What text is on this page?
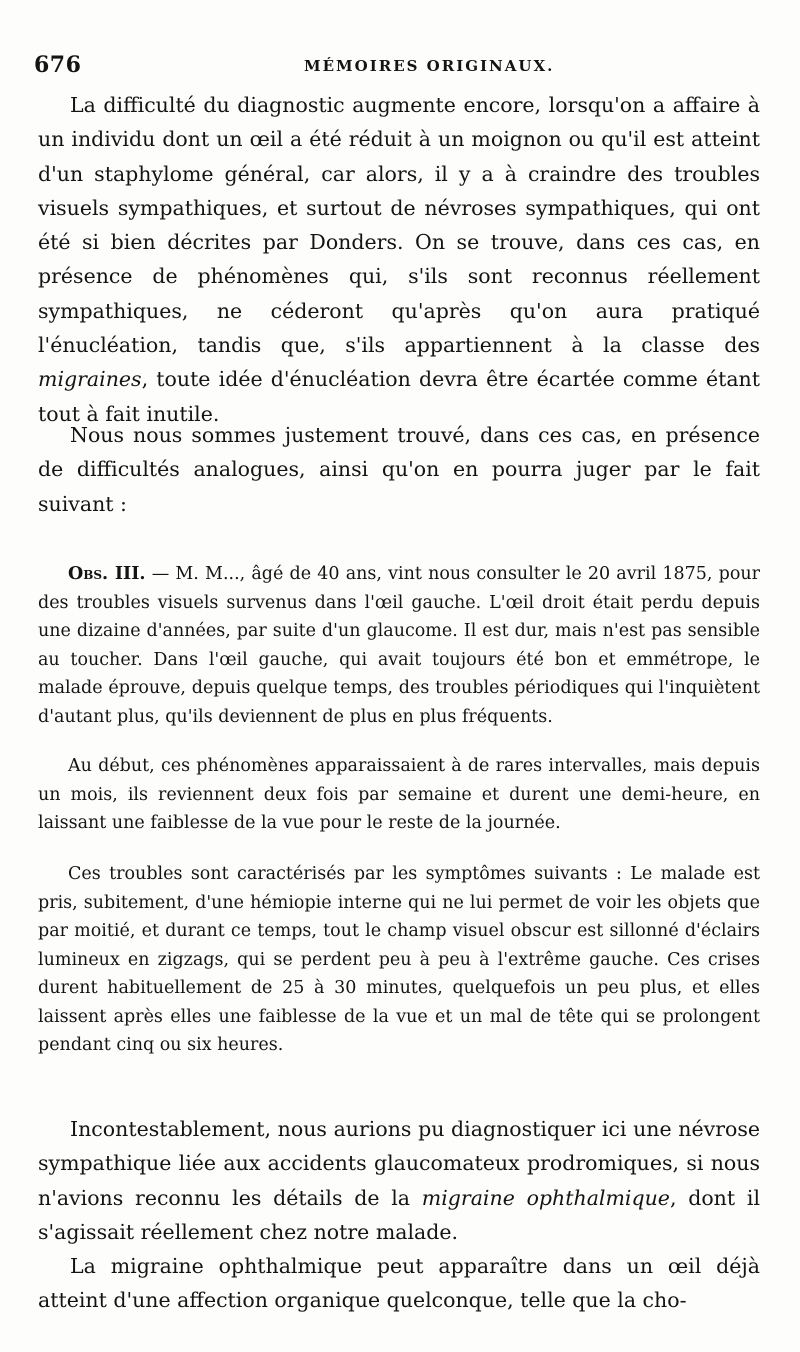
676	MÉMOIRES ORIGINAUX.

La difficulté du diagnostic augmente encore, lorsqu'on a affaire à un individu dont un œil a été réduit à un moignon ou qu'il est atteint d'un staphylome général, car alors, il y a à craindre des troubles visuels sympathiques, et surtout de névroses sympathiques, qui ont été si bien décrites par Donders. On se trouve, dans ces cas, en présence de phénomènes qui, s'ils sont reconnus réellement sympathiques, ne céderont qu'après qu'on aura pratiqué l'énucléation, tandis que, s'ils appartiennent à la classe des migraines, toute idée d'énucléation devra être écartée comme étant tout à fait inutile.

Nous nous sommes justement trouvé, dans ces cas, en présence de difficultés analogues, ainsi qu'on en pourra juger par le fait suivant :

Obs. III. — M. M..., âgé de 40 ans, vint nous consulter le 20 avril 1875, pour des troubles visuels survenus dans l'œil gauche. L'œil droit était perdu depuis une dizaine d'années, par suite d'un glaucome. Il est dur, mais n'est pas sensible au toucher. Dans l'œil gauche, qui avait toujours été bon et emmétrope, le malade éprouve, depuis quelque temps, des troubles périodiques qui l'inquiètent d'autant plus, qu'ils deviennent de plus en plus fréquents.

Au début, ces phénomènes apparaissaient à de rares intervalles, mais depuis un mois, ils reviennent deux fois par semaine et durent une demi-heure, en laissant une faiblesse de la vue pour le reste de la journée.

Ces troubles sont caractérisés par les symptômes suivants : Le malade est pris, subitement, d'une hémiopie interne qui ne lui permet de voir les objets que par moitié, et durant ce temps, tout le champ visuel obscur est sillonné d'éclairs lumineux en zigzags, qui se perdent peu à peu à l'extrême gauche. Ces crises durent habituellement de 25 à 30 minutes, quelquefois un peu plus, et elles laissent après elles une faiblesse de la vue et un mal de tête qui se prolongent pendant cinq ou six heures.

Incontestablement, nous aurions pu diagnostiquer ici une névrose sympathique liée aux accidents glaucomateux prodromiques, si nous n'avions reconnu les détails de la migraine ophthalmique, dont il s'agissait réellement chez notre malade.

La migraine ophthalmique peut apparaître dans un œil déjà atteint d'une affection organique quelconque, telle que la cho-
